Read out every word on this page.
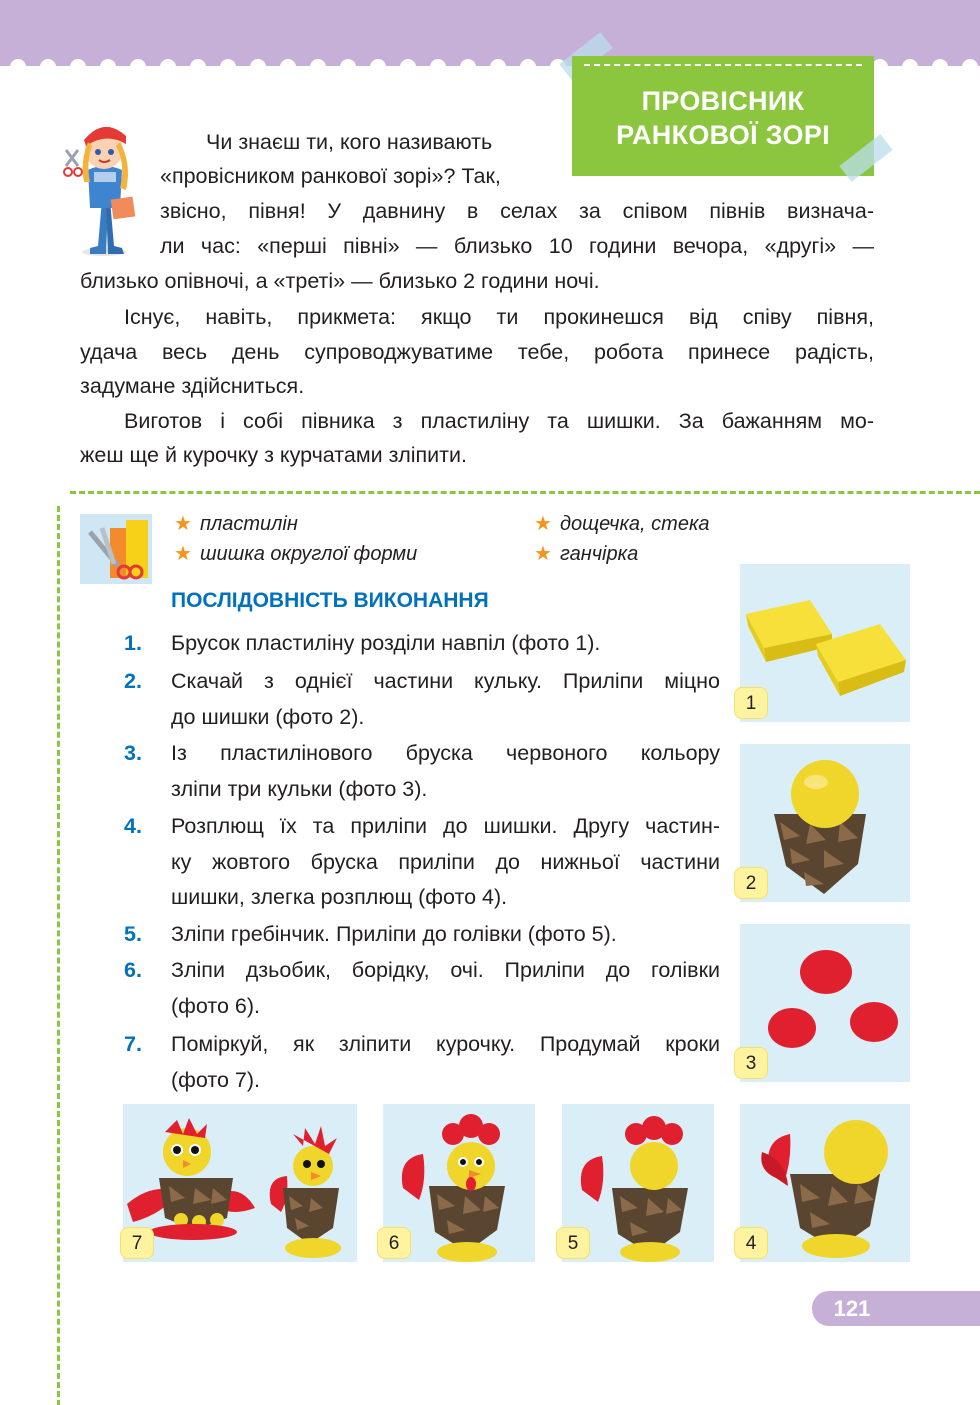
ПРОВІСНИК
РАНКОВОЇ ЗОРІ
Чи знаєш ти, кого називають
«провісником ранкової зорі»? Так,
звісно, півня! У давнину в селах за співом півнів визнача-
ли час: «перші півні» — близько 10 години вечора, «другі» —
близько опівночі, а «треті» — близько 2 години ночі.
Існує, навіть, прикмета: якщо ти прокинешся від співу півня,
удача весь день супроводжуватиме тебе, робота принесе радість,
задумане здійсниться.
Виготов і собі півника з пластиліну та шишки. За бажанням мо-
жеш ще й курочку з курчатами зліпити.
★ пластилін
★ шишка округлої форми
★ дощечка, стека
★ ганчірка
ПОСЛІДОВНІСТЬ ВИКОНАННЯ
1. Брусок пластиліну розділи навпіл (фото 1).
2. Скачай з однієї частини кульку. Приліпи міцно
до шишки (фото 2).
3. Із пластилінового бруска червоного кольору
зліпи три кульки (фото 3).
4. Розплющ їх та приліпи до шишки. Другу частин-
ку жовтого бруска приліпи до нижньої частини
шишки, злегка розплющ (фото 4).
5. Зліпи гребінчик. Приліпи до голівки (фото 5).
6. Зліпи дзьобик, борідку, очі. Приліпи до голівки
(фото 6).
7. Поміркуй, як зліпити курочку. Продумай кроки
(фото 7).
1
2
3
4
5
6
7
121
